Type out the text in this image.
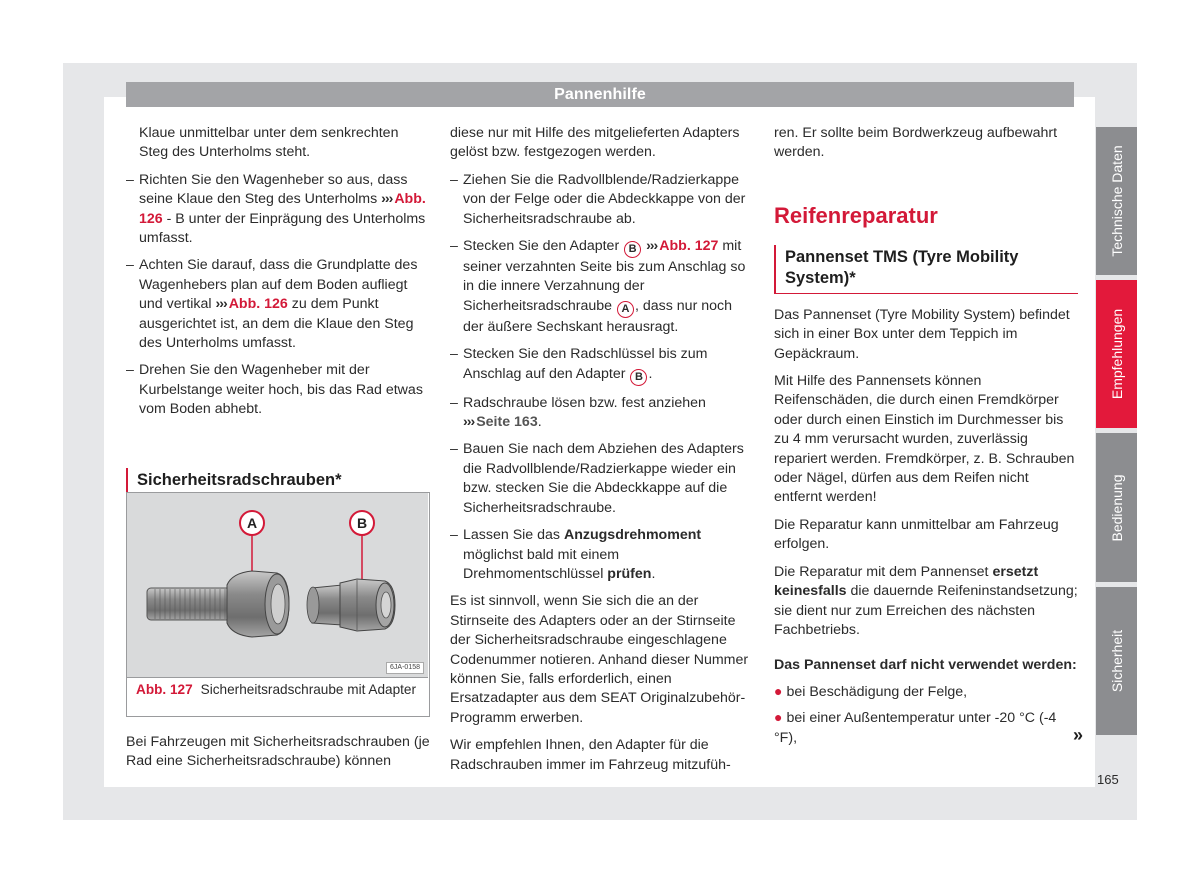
Pannenhilfe
Klaue unmittelbar unter dem senkrechten Steg des Unterholms steht.
– Richten Sie den Wagenheber so aus, dass seine Klaue den Steg des Unterholms ››› Abb. 126 - B unter der Einprägung des Unterholms umfasst.
– Achten Sie darauf, dass die Grundplatte des Wagenhebers plan auf dem Boden aufliegt und vertikal ››› Abb. 126 zu dem Punkt ausgerichtet ist, an dem die Klaue den Steg des Unterholms umfasst.
– Drehen Sie den Wagenheber mit der Kurbelstange weiter hoch, bis das Rad etwas vom Boden abhebt.
Sicherheitsradschrauben*
A	B
6JA-0158
Abb. 127 Sicherheitsradschraube mit Adapter
Bei Fahrzeugen mit Sicherheitsradschrauben (je Rad eine Sicherheitsradschraube) können
diese nur mit Hilfe des mitgelieferten Adapters gelöst bzw. festgezogen werden.
– Ziehen Sie die Radvollblende/Radzierkappe von der Felge oder die Abdeckkappe von der Sicherheitsradschraube ab.
– Stecken Sie den Adapter B ››› Abb. 127 mit seiner verzahnten Seite bis zum Anschlag so in die innere Verzahnung der Sicherheitsradschraube A , dass nur noch der äußere Sechskant herausragt.
– Stecken Sie den Radschlüssel bis zum Anschlag auf den Adapter B .
– Radschraube lösen bzw. fest anziehen ››› Seite 163.
– Bauen Sie nach dem Abziehen des Adapters die Radvollblende/Radzierkappe wieder ein bzw. stecken Sie die Abdeckkappe auf die Sicherheitsradschraube.
– Lassen Sie das Anzugsdrehmoment möglichst bald mit einem Drehmomentschlüssel prüfen.
Es ist sinnvoll, wenn Sie sich die an der Stirnseite des Adapters oder an der Stirnseite der Sicherheitsradschraube eingeschlagene Codenummer notieren. Anhand dieser Nummer können Sie, falls erforderlich, einen Ersatzadapter aus dem SEAT Originalzubehör-Programm erwerben.
Wir empfehlen Ihnen, den Adapter für die Radschrauben immer im Fahrzeug mitzufüh-
ren. Er sollte beim Bordwerkzeug aufbewahrt werden.
Reifenreparatur
Pannenset TMS (Tyre Mobility System)*
Das Pannenset (Tyre Mobility System) befindet sich in einer Box unter dem Teppich im Gepäckraum.
Mit Hilfe des Pannensets können Reifenschäden, die durch einen Fremdkörper oder durch einen Einstich im Durchmesser bis zu 4 mm verursacht wurden, zuverlässig repariert werden. Fremdkörper, z. B. Schrauben oder Nägel, dürfen aus dem Reifen nicht entfernt werden!
Die Reparatur kann unmittelbar am Fahrzeug erfolgen.
Die Reparatur mit dem Pannenset ersetzt keinesfalls die dauernde Reifeninstandsetzung; sie dient nur zum Erreichen des nächsten Fachbetriebs.
Das Pannenset darf nicht verwendet werden:
● bei Beschädigung der Felge,
● bei einer Außentemperatur unter -20 °C (-4 °F),	»
Technische Daten
Empfehlungen
Bedienung
Sicherheit
165
